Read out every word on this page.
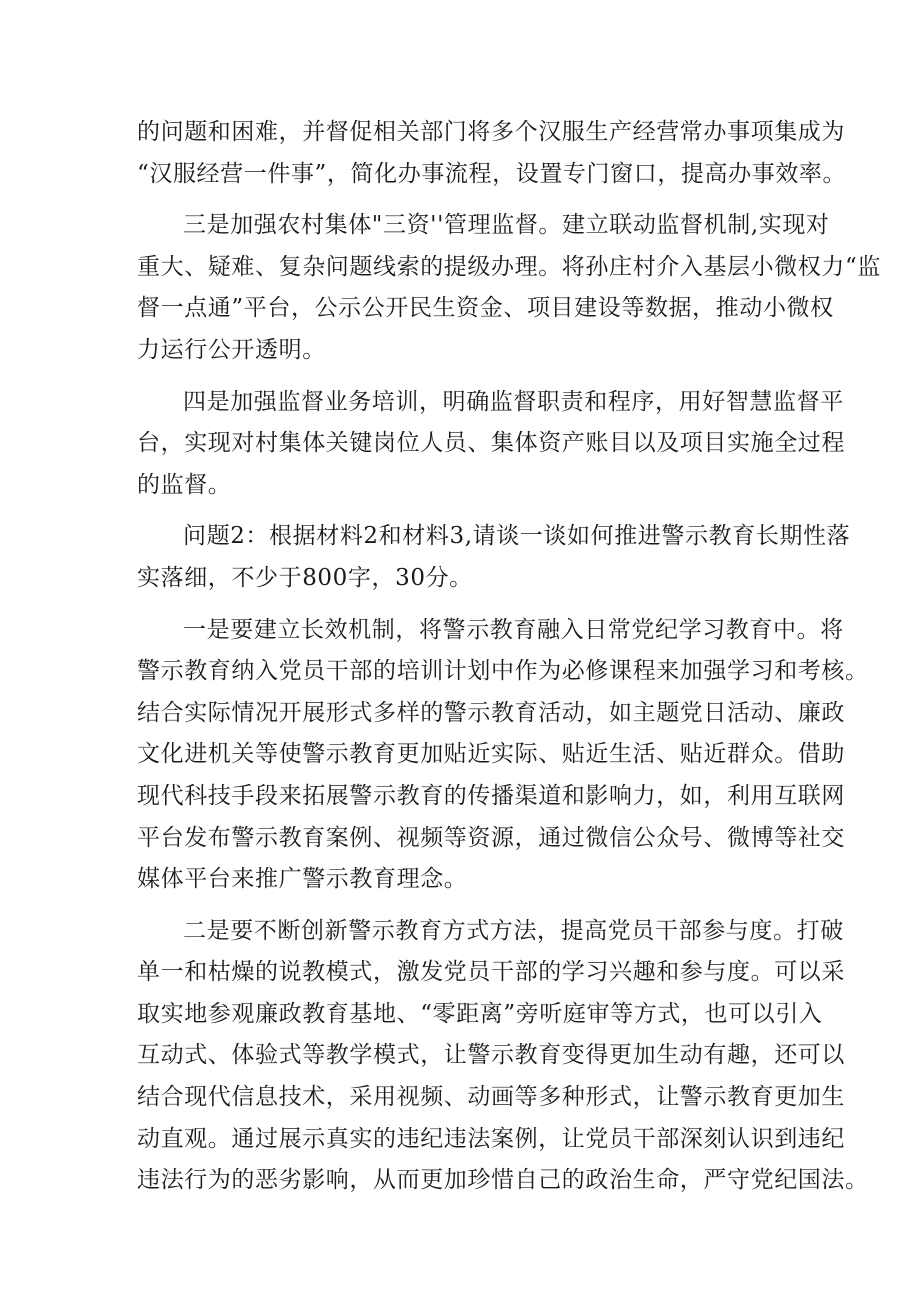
的问题和困难，并督促相关部门将多个汉服生产经营常办事项集成为
“汉服经营一件事”，简化办事流程，设置专门窗口，提高办事效率。
三是加强农村集体"三资''管理监督。建立联动监督机制,实现对
重大、疑难、复杂问题线索的提级办理。将孙庄村介入基层小微权力“监
督一点通”平台，公示公开民生资金、项目建设等数据，推动小微权
力运行公开透明。
四是加强监督业务培训，明确监督职责和程序，用好智慧监督平
台，实现对村集体关键岗位人员、集体资产账目以及项目实施全过程
的监督。
问题2：根据材料2和材料3,请谈一谈如何推进警示教育长期性落
实落细，不少于800字，30分。
一是要建立长效机制，将警示教育融入日常党纪学习教育中。将
警示教育纳入党员干部的培训计划中作为必修课程来加强学习和考核。
结合实际情况开展形式多样的警示教育活动，如主题党日活动、廉政
文化进机关等使警示教育更加贴近实际、贴近生活、贴近群众。借助
现代科技手段来拓展警示教育的传播渠道和影响力，如，利用互联网
平台发布警示教育案例、视频等资源，通过微信公众号、微博等社交
媒体平台来推广警示教育理念。
二是要不断创新警示教育方式方法，提高党员干部参与度。打破
单一和枯燥的说教模式，激发党员干部的学习兴趣和参与度。可以采
取实地参观廉政教育基地、“零距离”旁听庭审等方式，也可以引入
互动式、体验式等教学模式，让警示教育变得更加生动有趣，还可以
结合现代信息技术，采用视频、动画等多种形式，让警示教育更加生
动直观。通过展示真实的违纪违法案例，让党员干部深刻认识到违纪
违法行为的恶劣影响，从而更加珍惜自己的政治生命，严守党纪国法。
